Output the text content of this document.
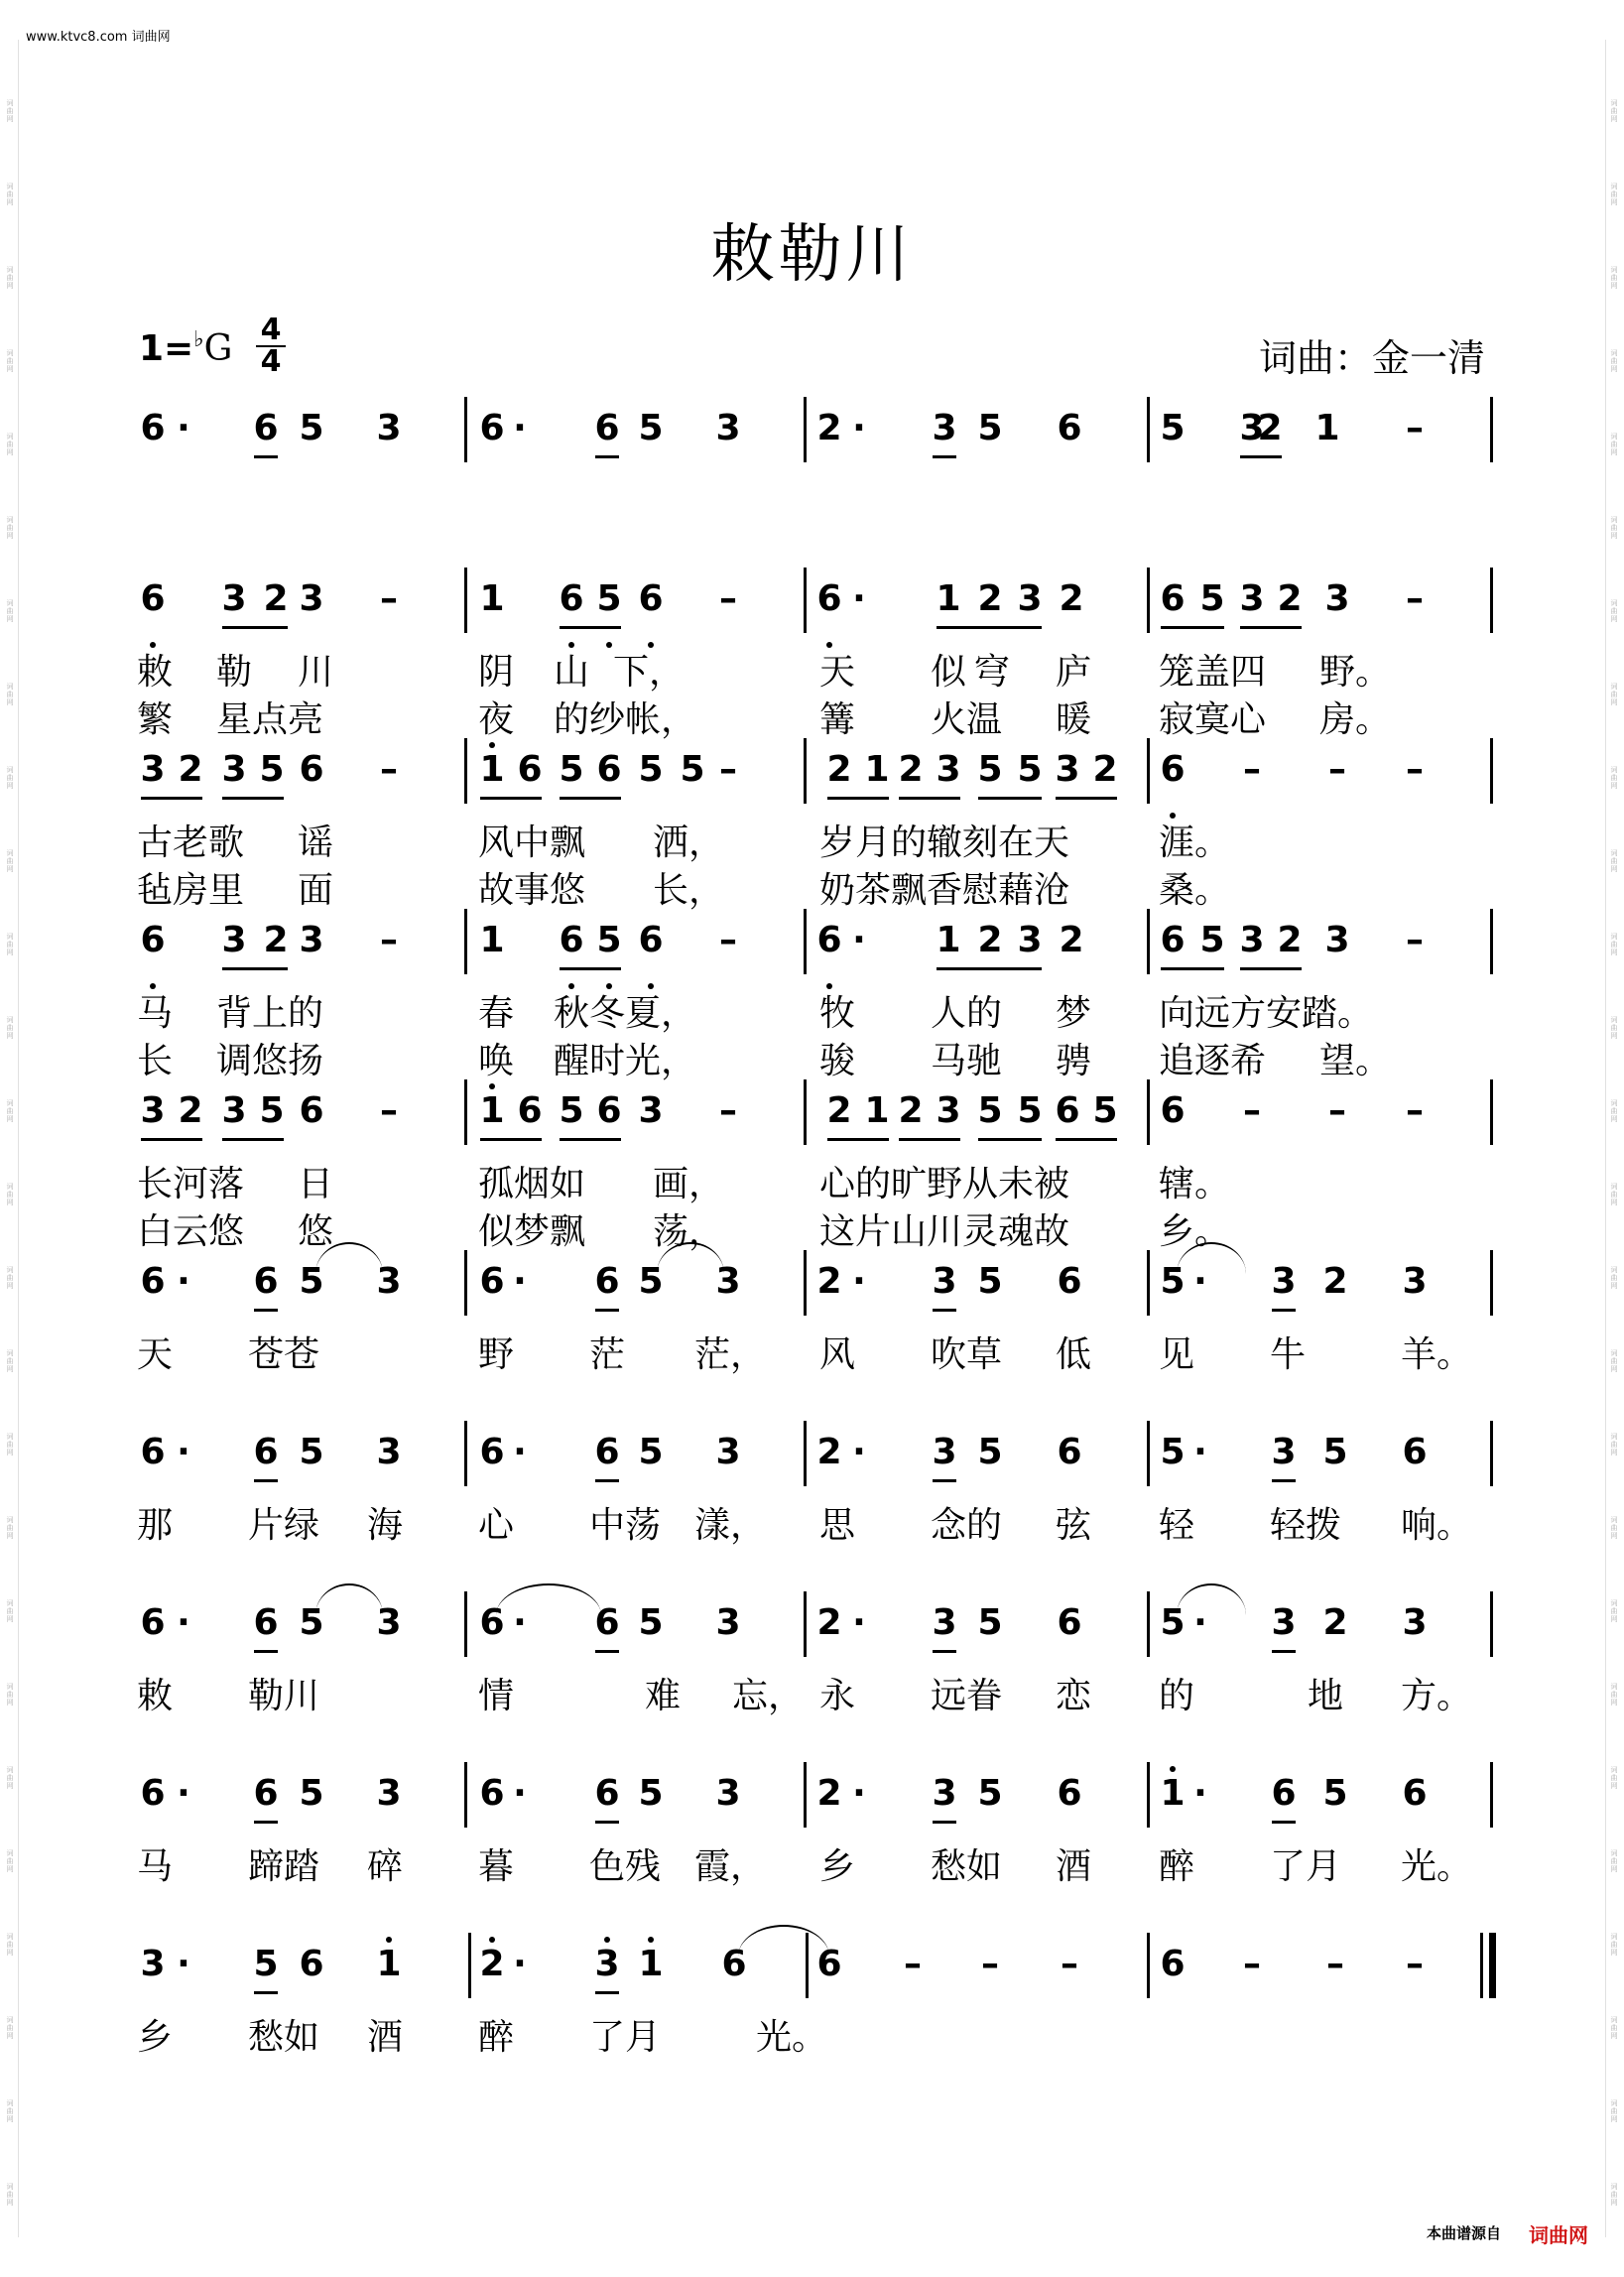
词
曲
网
词
曲
网
词
曲
网
词
曲
网
词
曲
网
词
曲
网
词
曲
网
词
曲
网
词
曲
网
词
曲
网
词
曲
网
词
曲
网
词
曲
网
词
曲
网
词
曲
网
词
曲
网
词
曲
网
词
曲
网
词
曲
网
词
曲
网
词
曲
网
词
曲
网
词
曲
网
词
曲
网
词
曲
网
词
曲
网
词
曲
网
词
曲
网
词
曲
网
词
曲
网
词
曲
网
词
曲
网
词
曲
网
词
曲
网
词
曲
网
词
曲
网
词
曲
网
词
曲
网
词
曲
网
词
曲
网
词
曲
网
词
曲
网
词
曲
网
词
曲
网
词
曲
网
词
曲
网
词
曲
网
词
曲
网
词
曲
网
词
曲
网
词
曲
网
词
曲
网
www.ktvc8.com 词曲网
敕勒川
1=♭G 4
4	词曲：金一清
6 ·	6 5 3 6 ·	6 5 3 2 ·	3 5 6 5 3
2 1 –
6 3 2 3 – 1 6 5 6 – 6 ·	1 2 3 2 6 5 3 2 3 –
敕 勒 川	阴 山 下，	天 似 穹 庐 笼盖四 野。
繁 星点亮	夜 的纱帐，	篝 火温 暖 寂寞心 房。
3 2 3 5 6 – 1 6 5 6 5 5 –	2 1 2 3 5 5 3 2 6 – – –
古老歌 谣	风中飘 洒，	岁月的辙刻在天 涯。
毡房里 面	故事悠 长，	奶茶飘香慰藉沧 桑。
6 3 2 3 – 1 6 5 6 – 6 ·	1 2 3 2 6 5 3 2 3 –
马 背上的	春 秋冬夏，	牧 人的 梦 向远方安踏。
长 调悠扬	唤 醒时光，	骏 马驰 骋 追逐希 望。
3 2 3 5 6 – 1 6 5 6 3 –	2 1 2 3 5 5 6 5 6 – – –
长河落 日	孤烟如 画，	心的旷野从未被 辖。
白云悠 悠	似梦飘 荡，	这片山川灵魂故 乡。
6 ·	6 5 3 6 ·	6 5 3 2 ·	3 5 6 5 ·	3 2 3
天 苍苍	野 茫 茫， 风 吹草 低 见 牛	羊。
6 ·	6 5 3 6 ·	6 5 3 2 ·	3 5 6 5 ·	3 5 6
那 片绿 海 心 中荡 漾， 思 念的 弦 轻 轻拨 响。
6 ·	6 5 3 6 ·	6 5 3 2 ·	3 5 6 5 ·	3 2 3
敕 勒川	情	难 忘， 永 远眷 恋 的	地 方。
6 ·	6 5 3 6 ·	6 5 3 2 ·	3 5 6 1 ·	6 5 6
马 蹄踏 碎 暮 色残 霞， 乡 愁如 酒 醉 了月 光。
3 ·	5 6 1 2 ·	3 1 6 6 – – – 6 – – –
乡 愁如 酒 醉 了月	光。
本曲谱源自 词曲网
